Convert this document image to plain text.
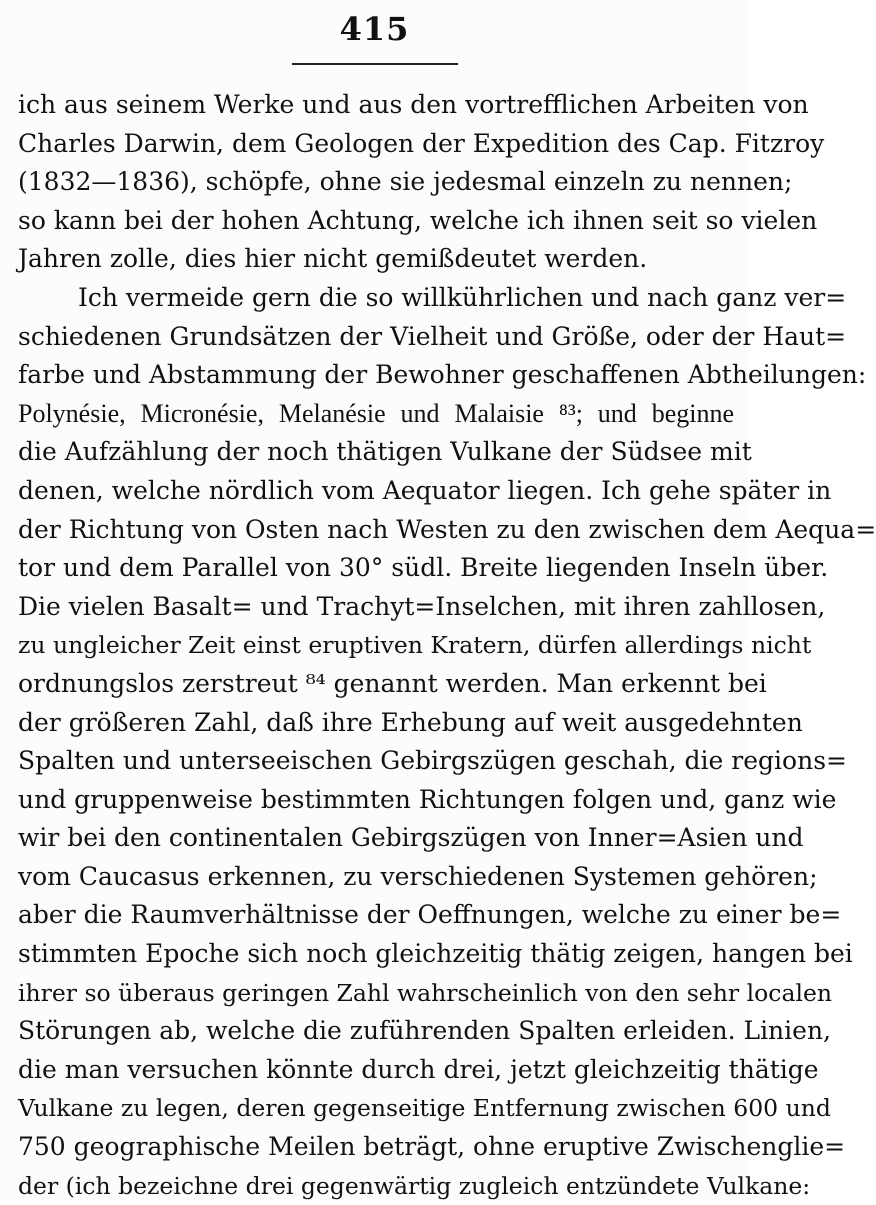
415
ich aus seinem Werke und aus den vortrefflichen Arbeiten von
Charles Darwin, dem Geologen der Expedition des Cap. Fitzroy
(1832—1836), schöpfe, ohne sie jedesmal einzeln zu nennen;
so kann bei der hohen Achtung, welche ich ihnen seit so vielen
Jahren zolle, dies hier nicht gemißdeutet werden.
Ich vermeide gern die so willkührlichen und nach ganz ver=
schiedenen Grundsätzen der Vielheit und Größe, oder der Haut=
farbe und Abstammung der Bewohner geschaffenen Abtheilungen:
Polynésie, Micronésie, Melanésie und Malaisie ⁸³; und beginne
die Aufzählung der noch thätigen Vulkane der Südsee mit
denen, welche nördlich vom Aequator liegen. Ich gehe später in
der Richtung von Osten nach Westen zu den zwischen dem Aequa=
tor und dem Parallel von 30° südl. Breite liegenden Inseln über.
Die vielen Basalt= und Trachyt=Inselchen, mit ihren zahllosen,
zu ungleicher Zeit einst eruptiven Kratern, dürfen allerdings nicht
ordnungslos zerstreut ⁸⁴ genannt werden. Man erkennt bei
der größeren Zahl, daß ihre Erhebung auf weit ausgedehnten
Spalten und unterseeischen Gebirgszügen geschah, die regions=
und gruppenweise bestimmten Richtungen folgen und, ganz wie
wir bei den continentalen Gebirgszügen von Inner=Asien und
vom Caucasus erkennen, zu verschiedenen Systemen gehören;
aber die Raumverhältnisse der Oeffnungen, welche zu einer be=
stimmten Epoche sich noch gleichzeitig thätig zeigen, hangen bei
ihrer so überaus geringen Zahl wahrscheinlich von den sehr localen
Störungen ab, welche die zuführenden Spalten erleiden. Linien,
die man versuchen könnte durch drei, jetzt gleichzeitig thätige
Vulkane zu legen, deren gegenseitige Entfernung zwischen 600 und
750 geographische Meilen beträgt, ohne eruptive Zwischenglie=
der (ich bezeichne drei gegenwärtig zugleich entzündete Vulkane:
